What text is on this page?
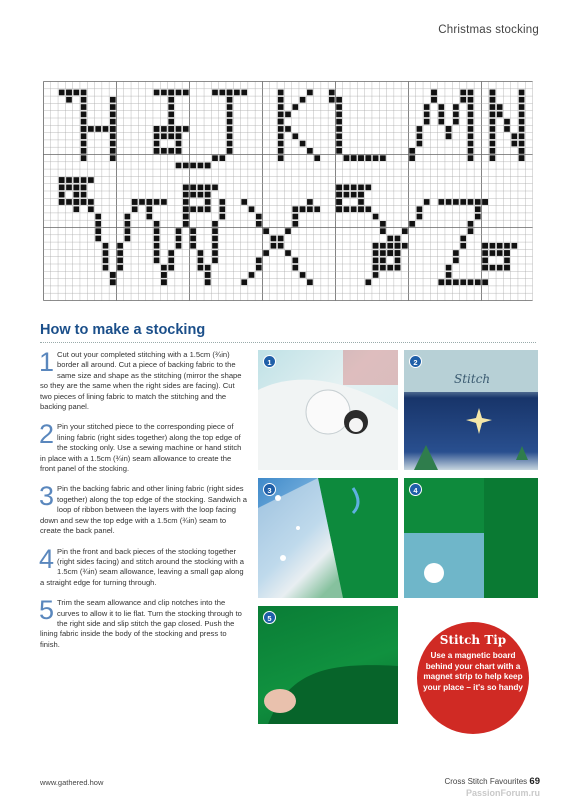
Christmas stocking
How to make a stocking
1 Cut out your completed stitching with a 1.5cm (¾in) border all around. Cut a piece of backing fabric to the same size and shape as the stitching (mirror the shape so they are the same when the right sides are facing). Cut two pieces of lining fabric to match the stitching and the backing panel.
2 Pin your stitched piece to the corresponding piece of lining fabric (right sides together) along the top edge of the stocking only. Use a sewing machine or hand stitch in place with a 1.5cm (¾in) seam allowance to create the front panel of the stocking.
3 Pin the backing fabric and other lining fabric (right sides together) along the top edge of the stocking. Sandwich a loop of ribbon between the layers with the loop facing down and sew the top edge with a 1.5cm (¾in) seam to create the back panel.
4 Pin the front and back pieces of the stocking together (right sides facing) and stitch around the stocking with a 1.5cm (¾in) seam allowance, leaving a small gap along a straight edge for turning through.
5 Trim the seam allowance and clip notches into the curves to allow it to lie flat. Turn the stocking through to the right side and slip stitch the gap closed. Push the lining fabric inside the body of the stocking and press to finish.
1
Stitch
2
3	4
5
Stitch Tip
Use a magnetic board behind your chart with a magnet strip to help keep your place – it's so handy
www.gathered.how	Cross Stitch Favourites 69
PassionForum.ru
